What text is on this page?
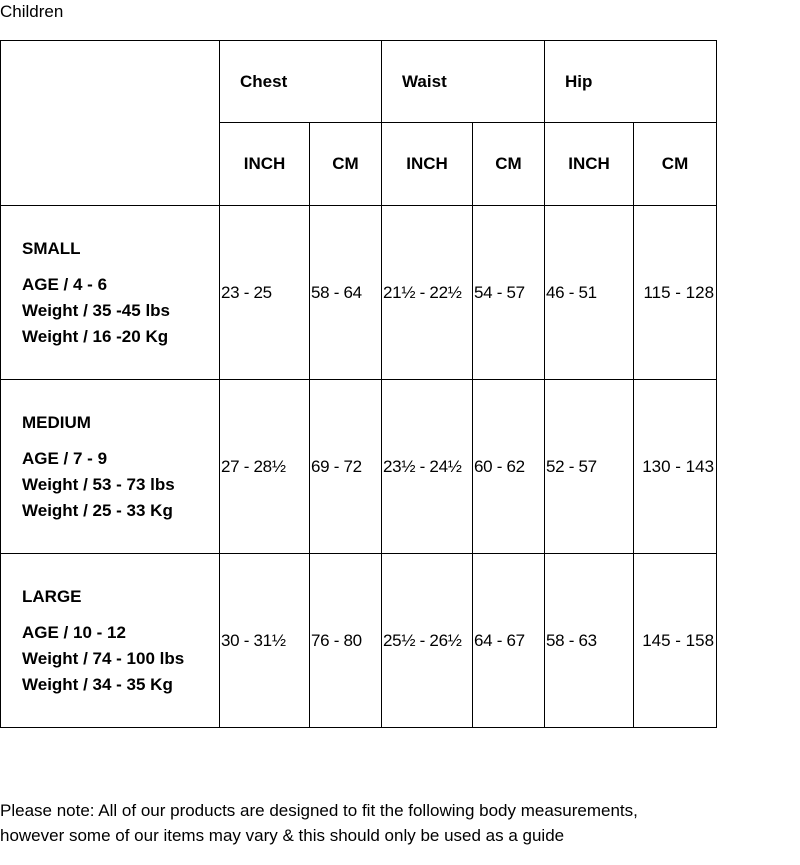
Children
	Chest		Waist		Hip	
	INCH	CM	INCH	CM	INCH	CM

SMALL
AGE / 4 - 6
Weight / 35 -45 lbs
Weight / 16 -20 Kg	23 - 25	58 - 64	21½ - 22½	54 - 57	46 - 51	115 - 128

MEDIUM
AGE / 7 - 9
Weight / 53 - 73 lbs
Weight / 25 - 33 Kg	27 - 28½	69 - 72	23½ - 24½	60 - 62	52 - 57	130 - 143

LARGE
AGE / 10 - 12
Weight / 74 - 100 lbs
Weight / 34 - 35 Kg	30 - 31½	76 - 80	25½ - 26½	64 - 67	58 - 63	145 - 158
Please note: All of our products are designed to fit the following body measurements,
however some of our items may vary & this should only be used as a guide
